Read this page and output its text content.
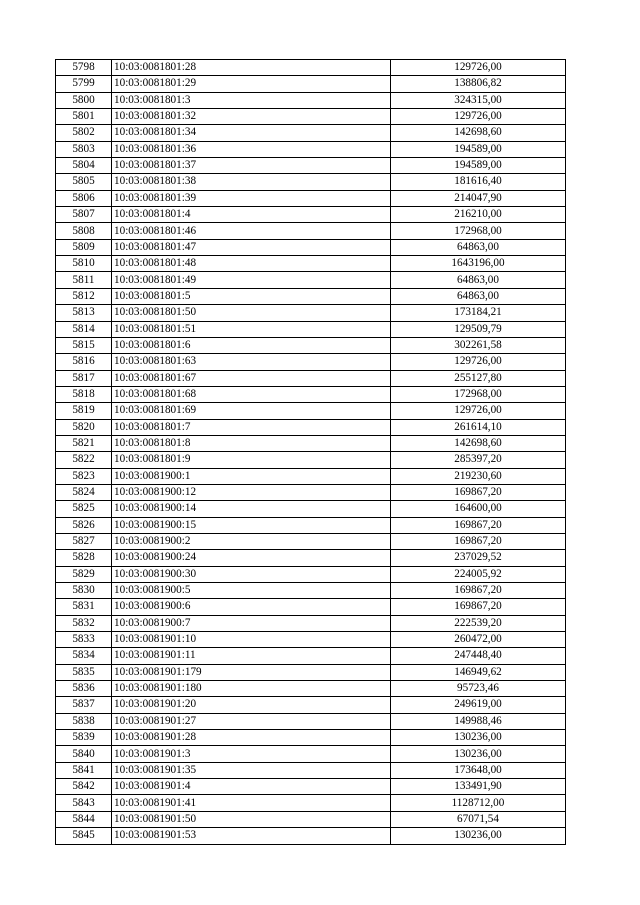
5798	10:03:0081801:28	129726,00
5799	10:03:0081801:29	138806,82
5800	10:03:0081801:3	324315,00
5801	10:03:0081801:32	129726,00
5802	10:03:0081801:34	142698,60
5803	10:03:0081801:36	194589,00
5804	10:03:0081801:37	194589,00
5805	10:03:0081801:38	181616,40
5806	10:03:0081801:39	214047,90
5807	10:03:0081801:4	216210,00
5808	10:03:0081801:46	172968,00
5809	10:03:0081801:47	64863,00
5810	10:03:0081801:48	1643196,00
5811	10:03:0081801:49	64863,00
5812	10:03:0081801:5	64863,00
5813	10:03:0081801:50	173184,21
5814	10:03:0081801:51	129509,79
5815	10:03:0081801:6	302261,58
5816	10:03:0081801:63	129726,00
5817	10:03:0081801:67	255127,80
5818	10:03:0081801:68	172968,00
5819	10:03:0081801:69	129726,00
5820	10:03:0081801:7	261614,10
5821	10:03:0081801:8	142698,60
5822	10:03:0081801:9	285397,20
5823	10:03:0081900:1	219230,60
5824	10:03:0081900:12	169867,20
5825	10:03:0081900:14	164600,00
5826	10:03:0081900:15	169867,20
5827	10:03:0081900:2	169867,20
5828	10:03:0081900:24	237029,52
5829	10:03:0081900:30	224005,92
5830	10:03:0081900:5	169867,20
5831	10:03:0081900:6	169867,20
5832	10:03:0081900:7	222539,20
5833	10:03:0081901:10	260472,00
5834	10:03:0081901:11	247448,40
5835	10:03:0081901:179	146949,62
5836	10:03:0081901:180	95723,46
5837	10:03:0081901:20	249619,00
5838	10:03:0081901:27	149988,46
5839	10:03:0081901:28	130236,00
5840	10:03:0081901:3	130236,00
5841	10:03:0081901:35	173648,00
5842	10:03:0081901:4	133491,90
5843	10:03:0081901:41	1128712,00
5844	10:03:0081901:50	67071,54
5845	10:03:0081901:53	130236,00
